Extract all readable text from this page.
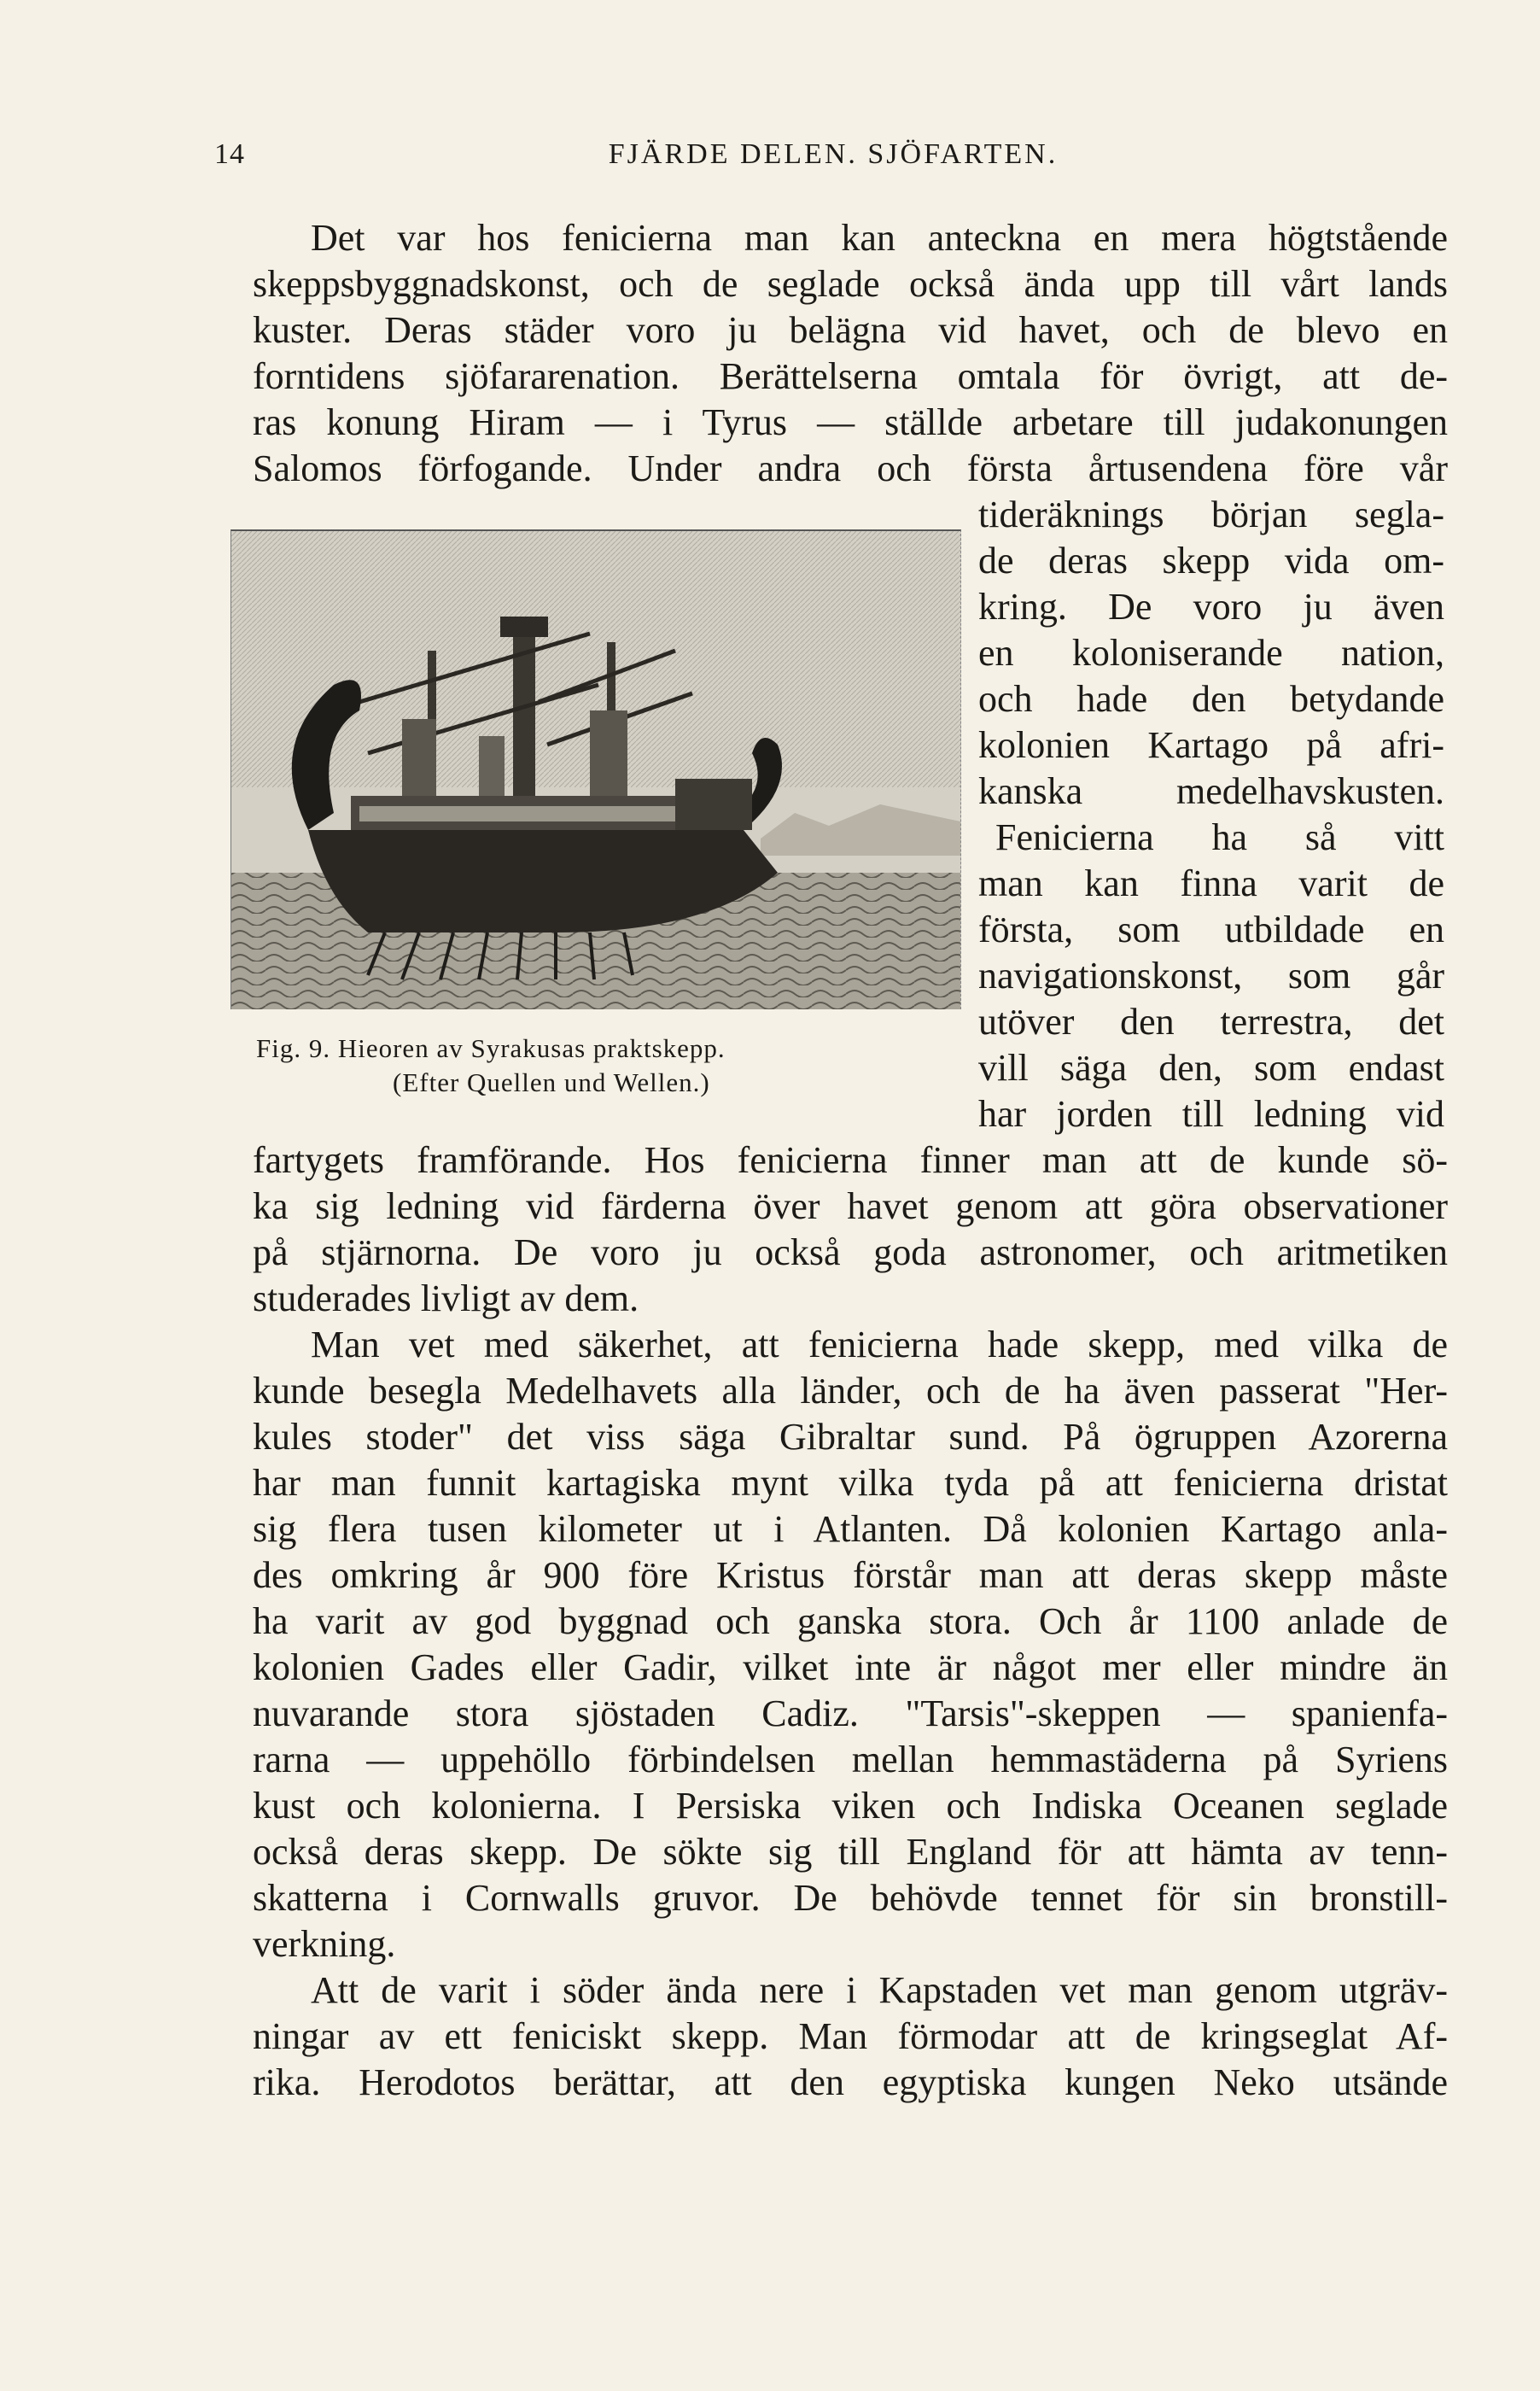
14	FJÄRDE DELEN. SJÖFARTEN.
Det var hos fenicierna man kan anteckna en mera högtstående
skeppsbyggnadskonst, och de seglade också ända upp till vårt lands
kuster. Deras städer voro ju belägna vid havet, och de blevo en
forntidens sjöfararenation. Berättelserna omtala för övrigt, att de-
ras konung Hiram — i Tyrus — ställde arbetare till judakonungen
Salomos förfogande. Under andra och första årtusendena före vår
tideräknings början segla-
de deras skepp vida om-
kring. De voro ju även
en koloniserande nation,
och hade den betydande
kolonien Kartago på afri-
kanska medelhavskusten.
Fenicierna ha så vitt
man kan finna varit de
första, som utbildade en
navigationskonst, som går
utöver den terrestra, det
vill säga den, som endast
har jorden till ledning vid
fartygets framförande. Hos fenicierna finner man att de kunde sö-
ka sig ledning vid färderna över havet genom att göra observationer
på stjärnorna. De voro ju också goda astronomer, och aritmetiken
studerades livligt av dem.
Man vet med säkerhet, att fenicierna hade skepp, med vilka de
kunde besegla Medelhavets alla länder, och de ha även passerat "Her-
kules stoder" det viss säga Gibraltar sund. På ögruppen Azorerna
har man funnit kartagiska mynt vilka tyda på att fenicierna dristat
sig flera tusen kilometer ut i Atlanten. Då kolonien Kartago anla-
des omkring år 900 före Kristus förstår man att deras skepp måste
ha varit av god byggnad och ganska stora. Och år 1100 anlade de
kolonien Gades eller Gadir, vilket inte är något mer eller mindre än
nuvarande stora sjöstaden Cadiz. "Tarsis"-skeppen — spanienfa-
rarna — uppehöllo förbindelsen mellan hemmastäderna på Syriens
kust och kolonierna. I Persiska viken och Indiska Oceanen seglade
också deras skepp. De sökte sig till England för att hämta av tenn-
skatterna i Cornwalls gruvor. De behövde tennet för sin bronstill-
verkning.
Att de varit i söder ända nere i Kapstaden vet man genom utgräv-
ningar av ett feniciskt skepp. Man förmodar att de kringseglat Af-
rika. Herodotos berättar, att den egyptiska kungen Neko utsände
Fig. 9. Hieoren av Syrakusas praktskepp.
(Efter Quellen und Wellen.)
